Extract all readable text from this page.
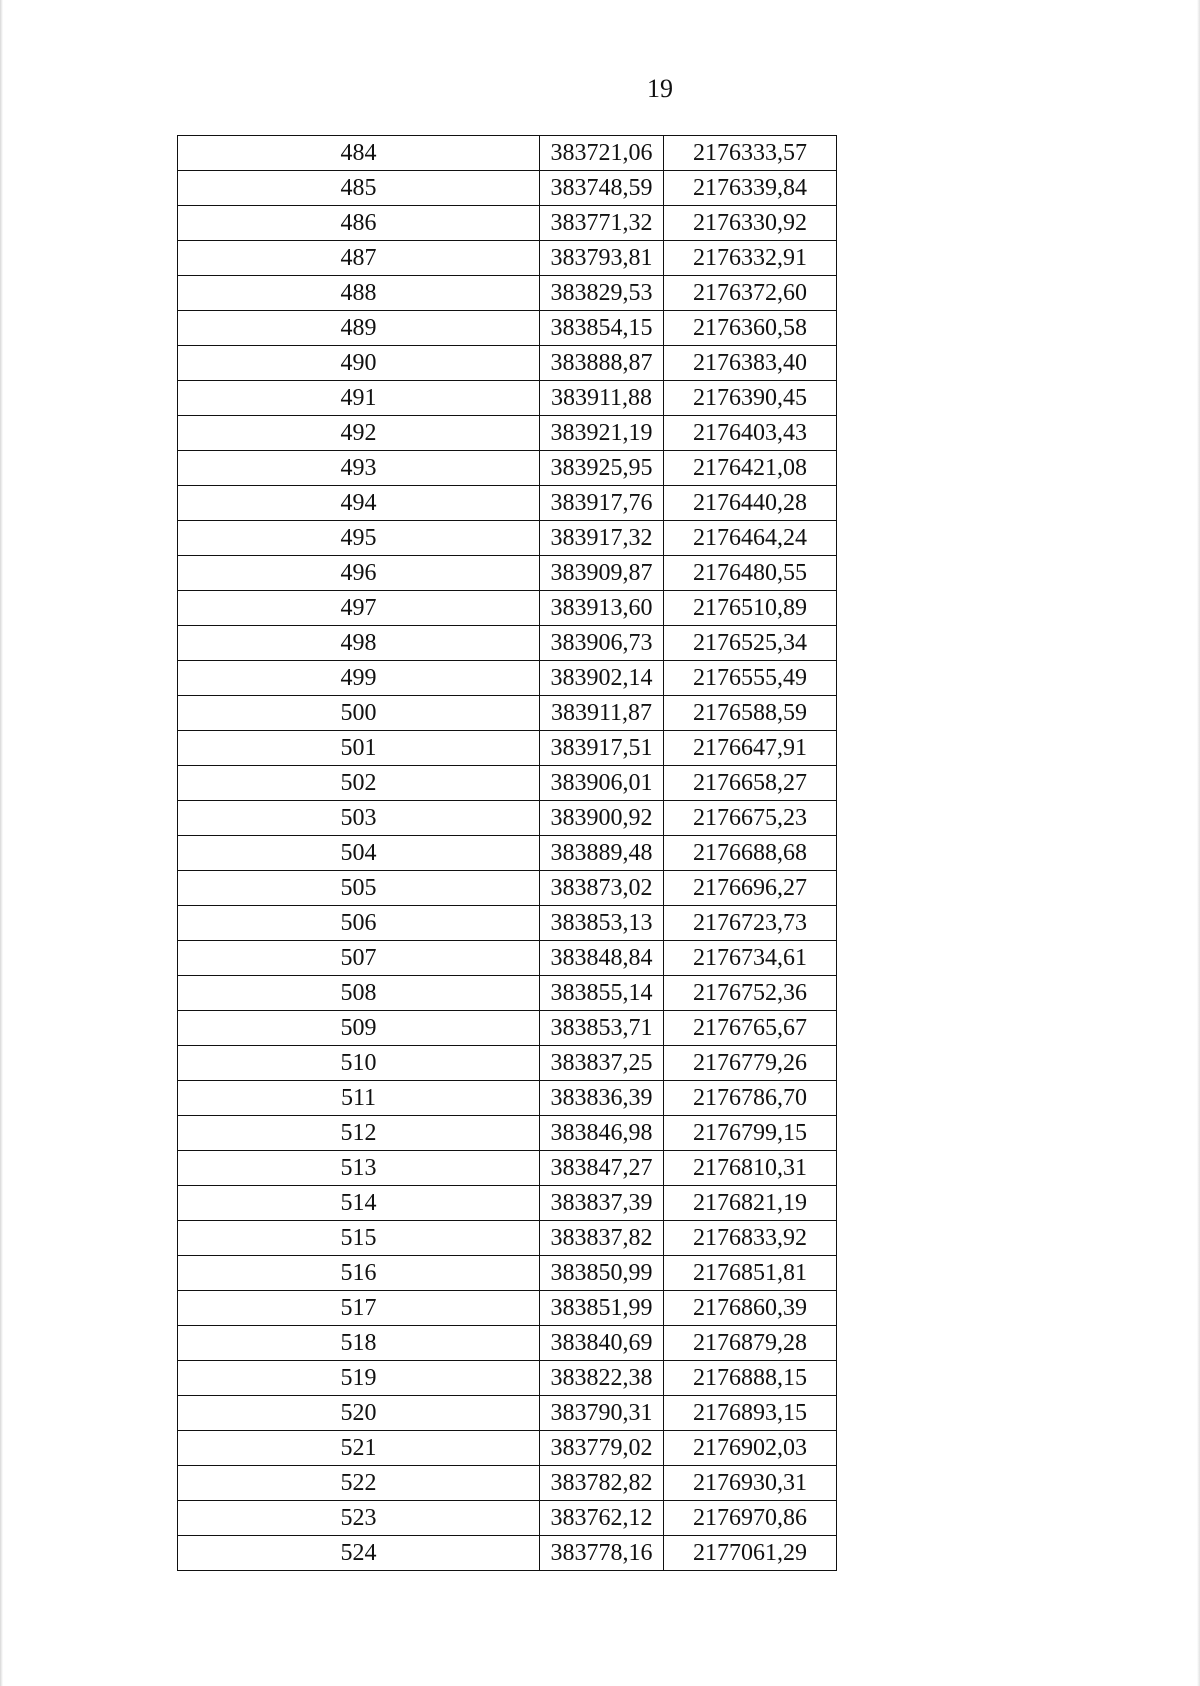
19
484	383721,06	2176333,57
485	383748,59	2176339,84
486	383771,32	2176330,92
487	383793,81	2176332,91
488	383829,53	2176372,60
489	383854,15	2176360,58
490	383888,87	2176383,40
491	383911,88	2176390,45
492	383921,19	2176403,43
493	383925,95	2176421,08
494	383917,76	2176440,28
495	383917,32	2176464,24
496	383909,87	2176480,55
497	383913,60	2176510,89
498	383906,73	2176525,34
499	383902,14	2176555,49
500	383911,87	2176588,59
501	383917,51	2176647,91
502	383906,01	2176658,27
503	383900,92	2176675,23
504	383889,48	2176688,68
505	383873,02	2176696,27
506	383853,13	2176723,73
507	383848,84	2176734,61
508	383855,14	2176752,36
509	383853,71	2176765,67
510	383837,25	2176779,26
511	383836,39	2176786,70
512	383846,98	2176799,15
513	383847,27	2176810,31
514	383837,39	2176821,19
515	383837,82	2176833,92
516	383850,99	2176851,81
517	383851,99	2176860,39
518	383840,69	2176879,28
519	383822,38	2176888,15
520	383790,31	2176893,15
521	383779,02	2176902,03
522	383782,82	2176930,31
523	383762,12	2176970,86
524	383778,16	2177061,29
